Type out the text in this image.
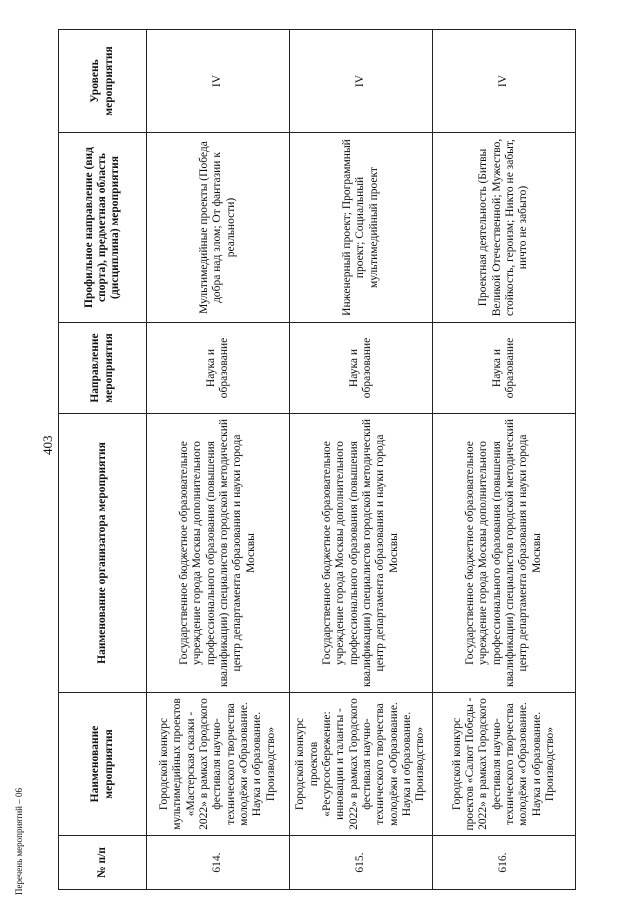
403
Перечень мероприятий – 06	№ п/п	Наименование мероприятия	Наименование организатора мероприятия	Направление мероприятия	Профильное направление (вид спорта), предметная область (дисциплина) мероприятия	Уровень мероприятия
614.	Городской конкурс мультимедийных проектов «Мастерская сказки - 2022» в рамках Городского фестиваля научно-технического творчества молодёжи «Образование. Наука и образование. Производство»	Государственное бюджетное образовательное учреждение города Москвы дополнительного профессионального образования (повышения квалификации) специалистов городской методический центр департамента образования и науки города Москвы	Наука и образование	Мультимедийные проекты (Победа добра над злом; От фантазии к реальности)	IV
615.	Городской конкурс проектов «Ресурсосбережение: инновации и таланты - 2022» в рамках Городского фестиваля научно-технического творчества молодёжи «Образование. Наука и образование. Производство»	Государственное бюджетное образовательное учреждение города Москвы дополнительного профессионального образования (повышения квалификации) специалистов городской методический центр департамента образования и науки города Москвы	Наука и образование	Инженерный проект; Программный проект; Социальный мультимедийный проект	IV
616.	Городской конкурс проектов «Салют Победы - 2022» в рамках Городского фестиваля научно-технического творчества молодёжи «Образование. Наука и образование. Производство»	Государственное бюджетное образовательное учреждение города Москвы дополнительного профессионального образования (повышения квалификации) специалистов городской методический центр департамента образования и науки города Москвы	Наука и образование	Проектная деятельность (Битвы Великой Отечественной; Мужество, стойкость, героизм; Никто не забыт, ничто не забыто)	IV
